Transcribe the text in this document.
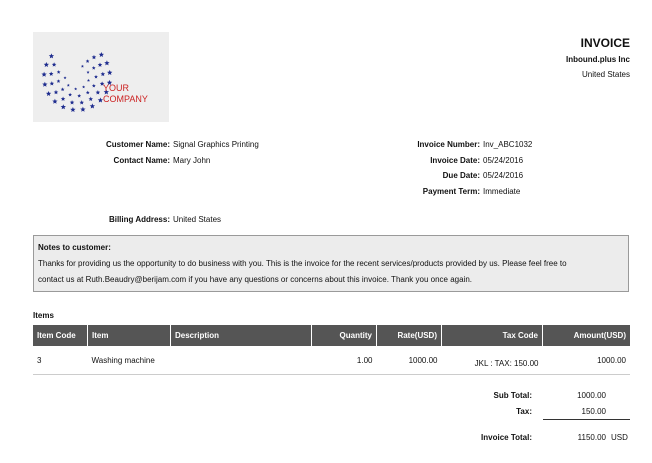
YOUR
COMPANY
INVOICE
Inbound.plus Inc
United States
Customer Name: Signal Graphics Printing
Contact Name: Mary John
Billing Address: United States
Invoice Number: Inv_ABC1032
Invoice Date: 05/24/2016
Due Date: 05/24/2016
Payment Term: Immediate
Notes to customer:
Thanks for providing us the opportunity to do business with you. This is the invoice for the recent services/products provided by us. Please feel free to
contact us at Ruth.Beaudry@berijam.com if you have any questions or concerns about this invoice. Thank you once again.
Items
Item Code	Item	Description	Quantity	Rate(USD)	Tax Code	Amount(USD)
3	Washing machine		1.00	1000.00	JKL : TAX: 150.00	1000.00
Sub Total:	1000.00
Tax:	150.00
Invoice Total:	1150.00 USD
